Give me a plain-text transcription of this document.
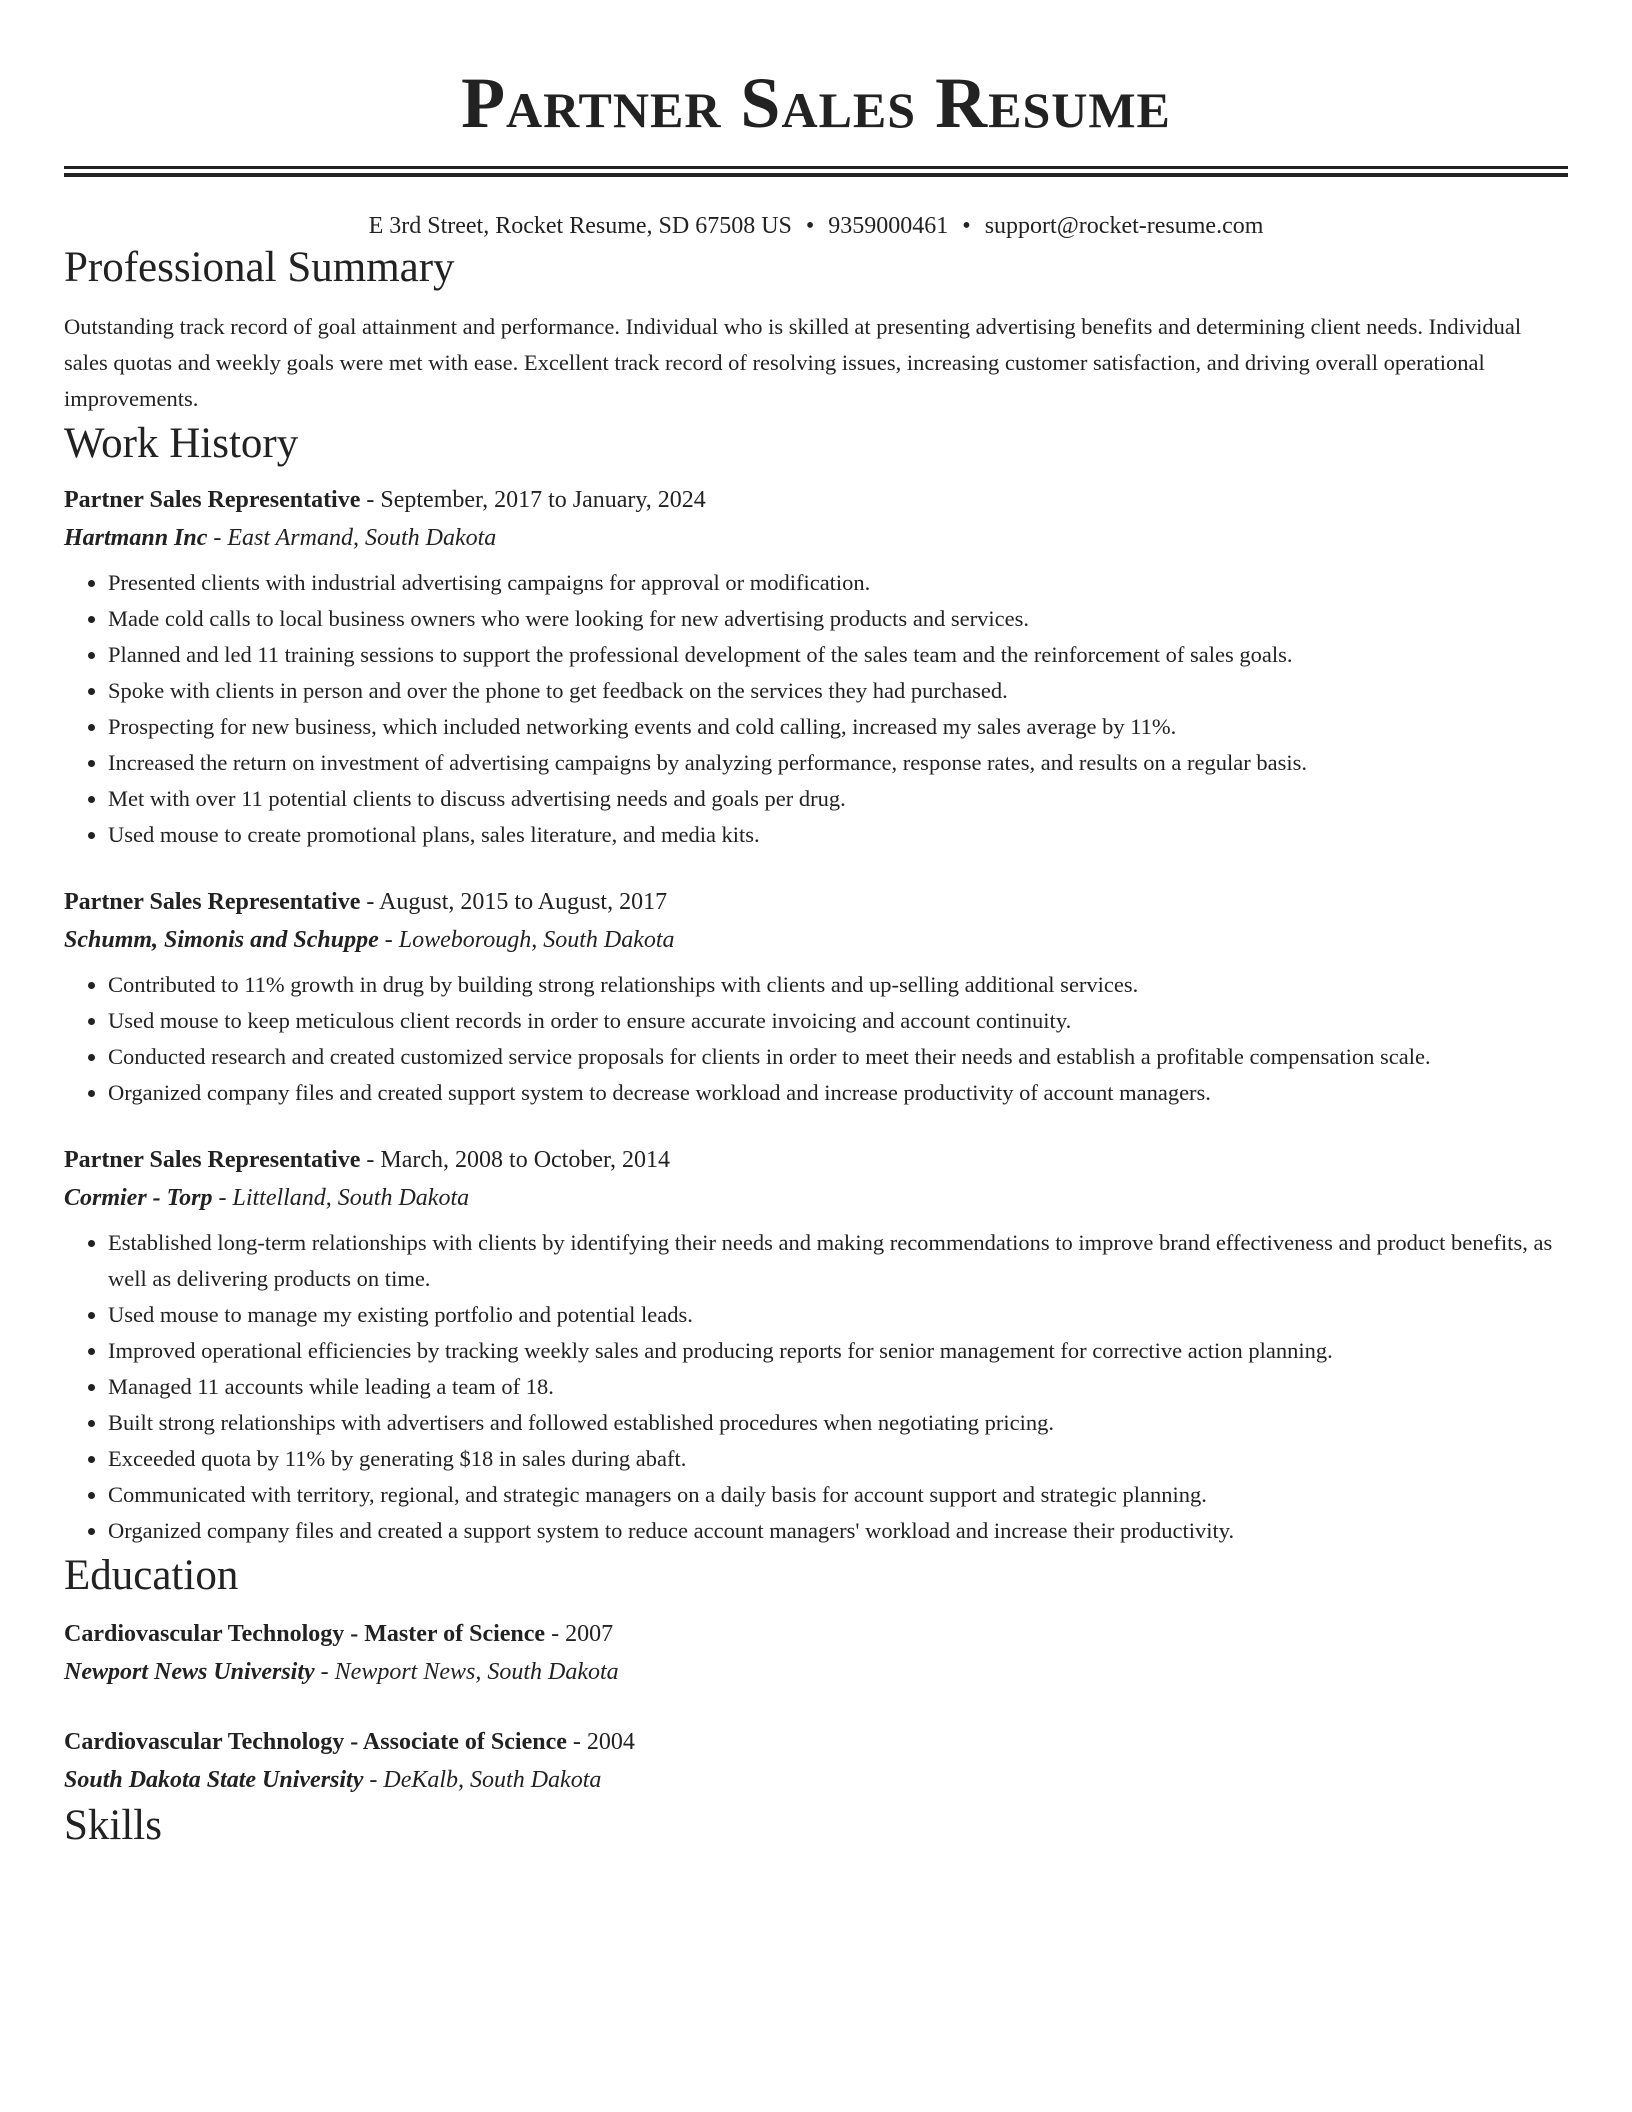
Partner Sales Resume
E 3rd Street, Rocket Resume, SD 67508 US • 9359000461 • support@rocket-resume.com
Professional Summary

Outstanding track record of goal attainment and performance. Individual who is skilled at presenting advertising benefits and determining client needs. Individual sales quotas and weekly goals were met with ease. Excellent track record of resolving issues, increasing customer satisfaction, and driving overall operational improvements.

Work History
Partner Sales Representative - September, 2017 to January, 2024
Hartmann Inc - East Armand, South Dakota
• Presented clients with industrial advertising campaigns for approval or modification.
• Made cold calls to local business owners who were looking for new advertising products and services.
• Planned and led 11 training sessions to support the professional development of the sales team and the reinforcement of sales goals.
• Spoke with clients in person and over the phone to get feedback on the services they had purchased.
• Prospecting for new business, which included networking events and cold calling, increased my sales average by 11%.
• Increased the return on investment of advertising campaigns by analyzing performance, response rates, and results on a regular basis.
• Met with over 11 potential clients to discuss advertising needs and goals per drug.
• Used mouse to create promotional plans, sales literature, and media kits.
Partner Sales Representative - August, 2015 to August, 2017
Schumm, Simonis and Schuppe - Loweborough, South Dakota
• Contributed to 11% growth in drug by building strong relationships with clients and up-selling additional services.
• Used mouse to keep meticulous client records in order to ensure accurate invoicing and account continuity.
• Conducted research and created customized service proposals for clients in order to meet their needs and establish a profitable compensation scale.
• Organized company files and created support system to decrease workload and increase productivity of account managers.
Partner Sales Representative - March, 2008 to October, 2014
Cormier - Torp - Littelland, South Dakota
• Established long-term relationships with clients by identifying their needs and making recommendations to improve brand effectiveness and product benefits, as well as delivering products on time.
• Used mouse to manage my existing portfolio and potential leads.
• Improved operational efficiencies by tracking weekly sales and producing reports for senior management for corrective action planning.
• Managed 11 accounts while leading a team of 18.
• Built strong relationships with advertisers and followed established procedures when negotiating pricing.
• Exceeded quota by 11% by generating $18 in sales during abaft.
• Communicated with territory, regional, and strategic managers on a daily basis for account support and strategic planning.
• Organized company files and created a support system to reduce account managers' workload and increase their productivity.
Education
Cardiovascular Technology - Master of Science - 2007
Newport News University - Newport News, South Dakota
Cardiovascular Technology - Associate of Science - 2004
South Dakota State University - DeKalb, South Dakota
Skills
